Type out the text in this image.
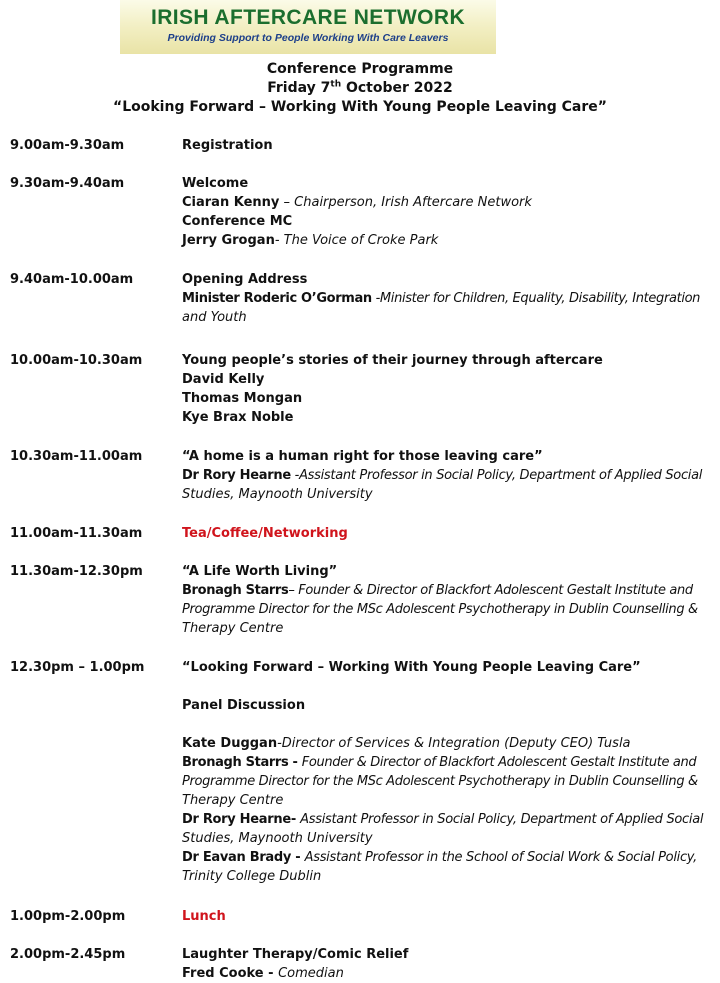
IRISH AFTERCARE NETWORK
Providing Support to People Working With Care Leavers
Conference Programme
Friday 7th October 2022
“Looking Forward – Working With Young People Leaving Care”
9.00am-9.30am	Registration
9.30am-9.40am	Welcome
Ciaran Kenny – Chairperson, Irish Aftercare Network
Conference MC
Jerry Grogan- The Voice of Croke Park
9.40am-10.00am	Opening Address
Minister Roderic O’Gorman -Minister for Children, Equality, Disability, Integration
and Youth
10.00am-10.30am	Young people’s stories of their journey through aftercare
David Kelly
Thomas Mongan
Kye Brax Noble
10.30am-11.00am	“A home is a human right for those leaving care”
Dr Rory Hearne -Assistant Professor in Social Policy, Department of Applied Social
Studies, Maynooth University
11.00am-11.30am	Tea/Coffee/Networking
11.30am-12.30pm	“A Life Worth Living”
Bronagh Starrs– Founder & Director of Blackfort Adolescent Gestalt Institute and
Programme Director for the MSc Adolescent Psychotherapy in Dublin Counselling &
Therapy Centre
12.30pm – 1.00pm	“Looking Forward – Working With Young People Leaving Care”
Panel Discussion
Kate Duggan-Director of Services & Integration (Deputy CEO) Tusla
Bronagh Starrs - Founder & Director of Blackfort Adolescent Gestalt Institute and
Programme Director for the MSc Adolescent Psychotherapy in Dublin Counselling &
Therapy Centre
Dr Rory Hearne- Assistant Professor in Social Policy, Department of Applied Social
Studies, Maynooth University
Dr Eavan Brady - Assistant Professor in the School of Social Work & Social Policy,
Trinity College Dublin
1.00pm-2.00pm	Lunch
2.00pm-2.45pm	Laughter Therapy/Comic Relief
Fred Cooke - Comedian
